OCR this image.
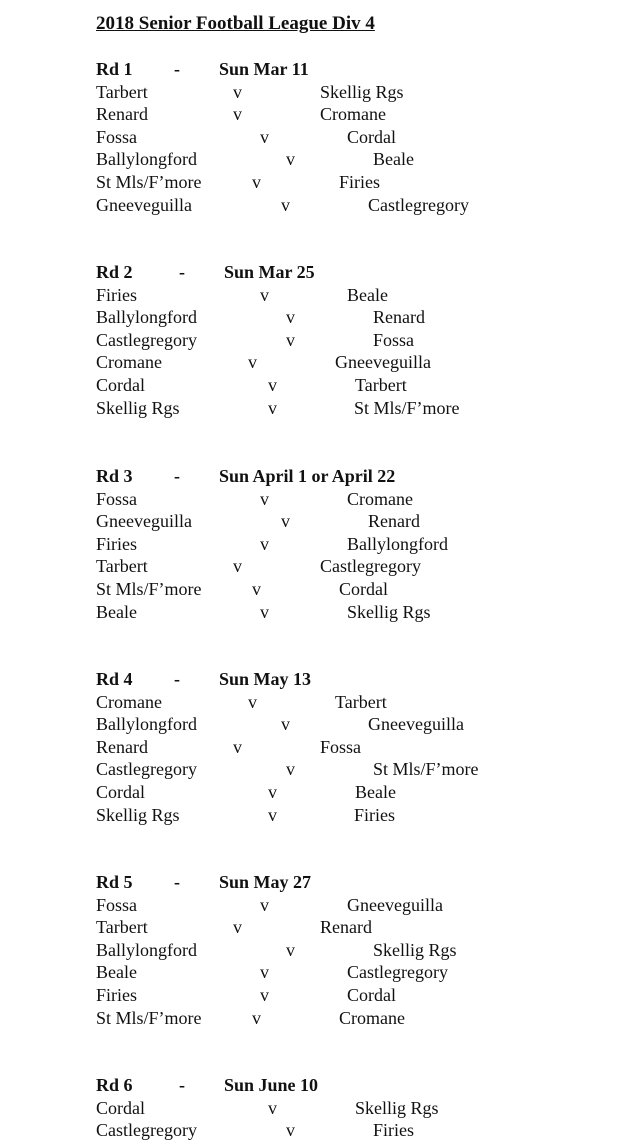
2018 Senior Football League Div 4
Rd 1 - Sun Mar 11
Tarbert	v	Skellig Rgs
Renard	v	Cromane
Fossa	v	Cordal
Ballylongford	v	Beale
St Mls/F’more	v	Firies
Gneeveguilla	v	Castlegregory
Rd 2	- Sun Mar 25
Firies	v	Beale
Ballylongford	v	Renard
Castlegregory	v	Fossa
Cromane	v	Gneeveguilla
Cordal	v	Tarbert
Skellig Rgs	v	St Mls/F’more
Rd 3 - Sun April 1 or April 22
Fossa	v	Cromane
Gneeveguilla	v	Renard
Firies	v	Ballylongford
Tarbert	v	Castlegregory
St Mls/F’more	v	Cordal
Beale	v	Skellig Rgs
Rd 4 - Sun May 13
Cromane	v	Tarbert
Ballylongford	v	Gneeveguilla
Renard	v	Fossa
Castlegregory	v	St Mls/F’more
Cordal	v	Beale
Skellig Rgs	v	Firies
Rd 5 - Sun May 27
Fossa	v	Gneeveguilla
Tarbert	v	Renard
Ballylongford	v	Skellig Rgs
Beale	v	Castlegregory
Firies	v	Cordal
St Mls/F’more	v	Cromane
Rd 6	- Sun June 10
Cordal	v	Skellig Rgs
Castlegregory	v	Firies
